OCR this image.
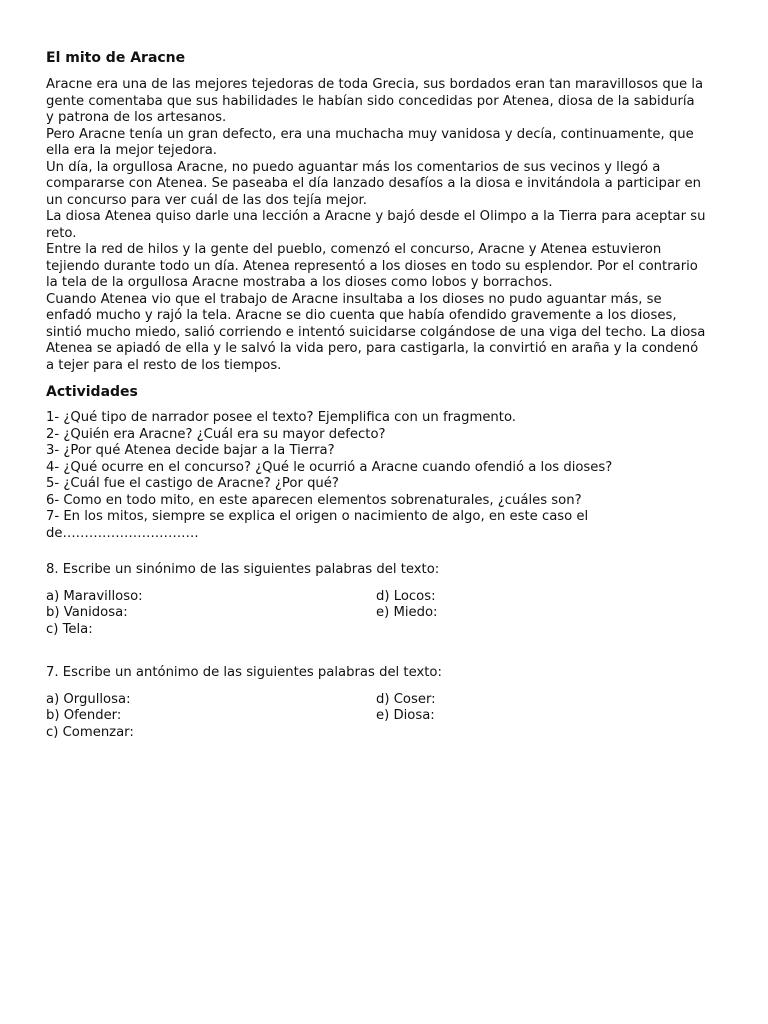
El mito de Aracne

Aracne era una de las mejores tejedoras de toda Grecia, sus bordados eran tan maravillosos que la gente comentaba que sus habilidades le habían sido concedidas por Atenea, diosa de la sabiduría y patrona de los artesanos.

Pero Aracne tenía un gran defecto, era una muchacha muy vanidosa y decía, continuamente, que ella era la mejor tejedora.

Un día, la orgullosa Aracne, no puedo aguantar más los comentarios de sus vecinos y llegó a compararse con Atenea. Se paseaba el día lanzado desafíos a la diosa e invitándola a participar en un concurso para ver cuál de las dos tejía mejor.

La diosa Atenea quiso darle una lección a Aracne y bajó desde el Olimpo a la Tierra para aceptar su reto.

Entre la red de hilos y la gente del pueblo, comenzó el concurso, Aracne y Atenea estuvieron tejiendo durante todo un día. Atenea representó a los dioses en todo su esplendor. Por el contrario la tela de la orgullosa Aracne mostraba a los dioses como lobos y borrachos.

Cuando Atenea vio que el trabajo de Aracne insultaba a los dioses no pudo aguantar más, se enfadó mucho y rajó la tela. Aracne se dio cuenta que había ofendido gravemente a los dioses, sintió mucho miedo, salió corriendo e intentó suicidarse colgándose de una viga del techo. La diosa Atenea se apiadó de ella y le salvó la vida pero, para castigarla, la convirtió en araña y la condenó a tejer para el resto de los tiempos.

Actividades

1- ¿Qué tipo de narrador posee el texto? Ejemplifica con un fragmento.

2- ¿Quién era Aracne? ¿Cuál era su mayor defecto?

3- ¿Por qué Atenea decide bajar a la Tierra?

4- ¿Qué ocurre en el concurso? ¿Qué le ocurrió a Aracne cuando ofendió a los dioses?

5- ¿Cuál fue el castigo de Aracne? ¿Por qué?

6- Como en todo mito, en este aparecen elementos sobrenaturales, ¿cuáles son?

7- En los mitos, siempre se explica el origen o nacimiento de algo, en este caso el de………………………….

8. Escribe un sinónimo de las siguientes palabras del texto:

a) Maravilloso:

b) Vanidosa:

c) Tela:

d) Locos:

e) Miedo:

7. Escribe un antónimo de las siguientes palabras del texto:

a) Orgullosa:

b) Ofender:

c) Comenzar:

d) Coser:

e) Diosa:
